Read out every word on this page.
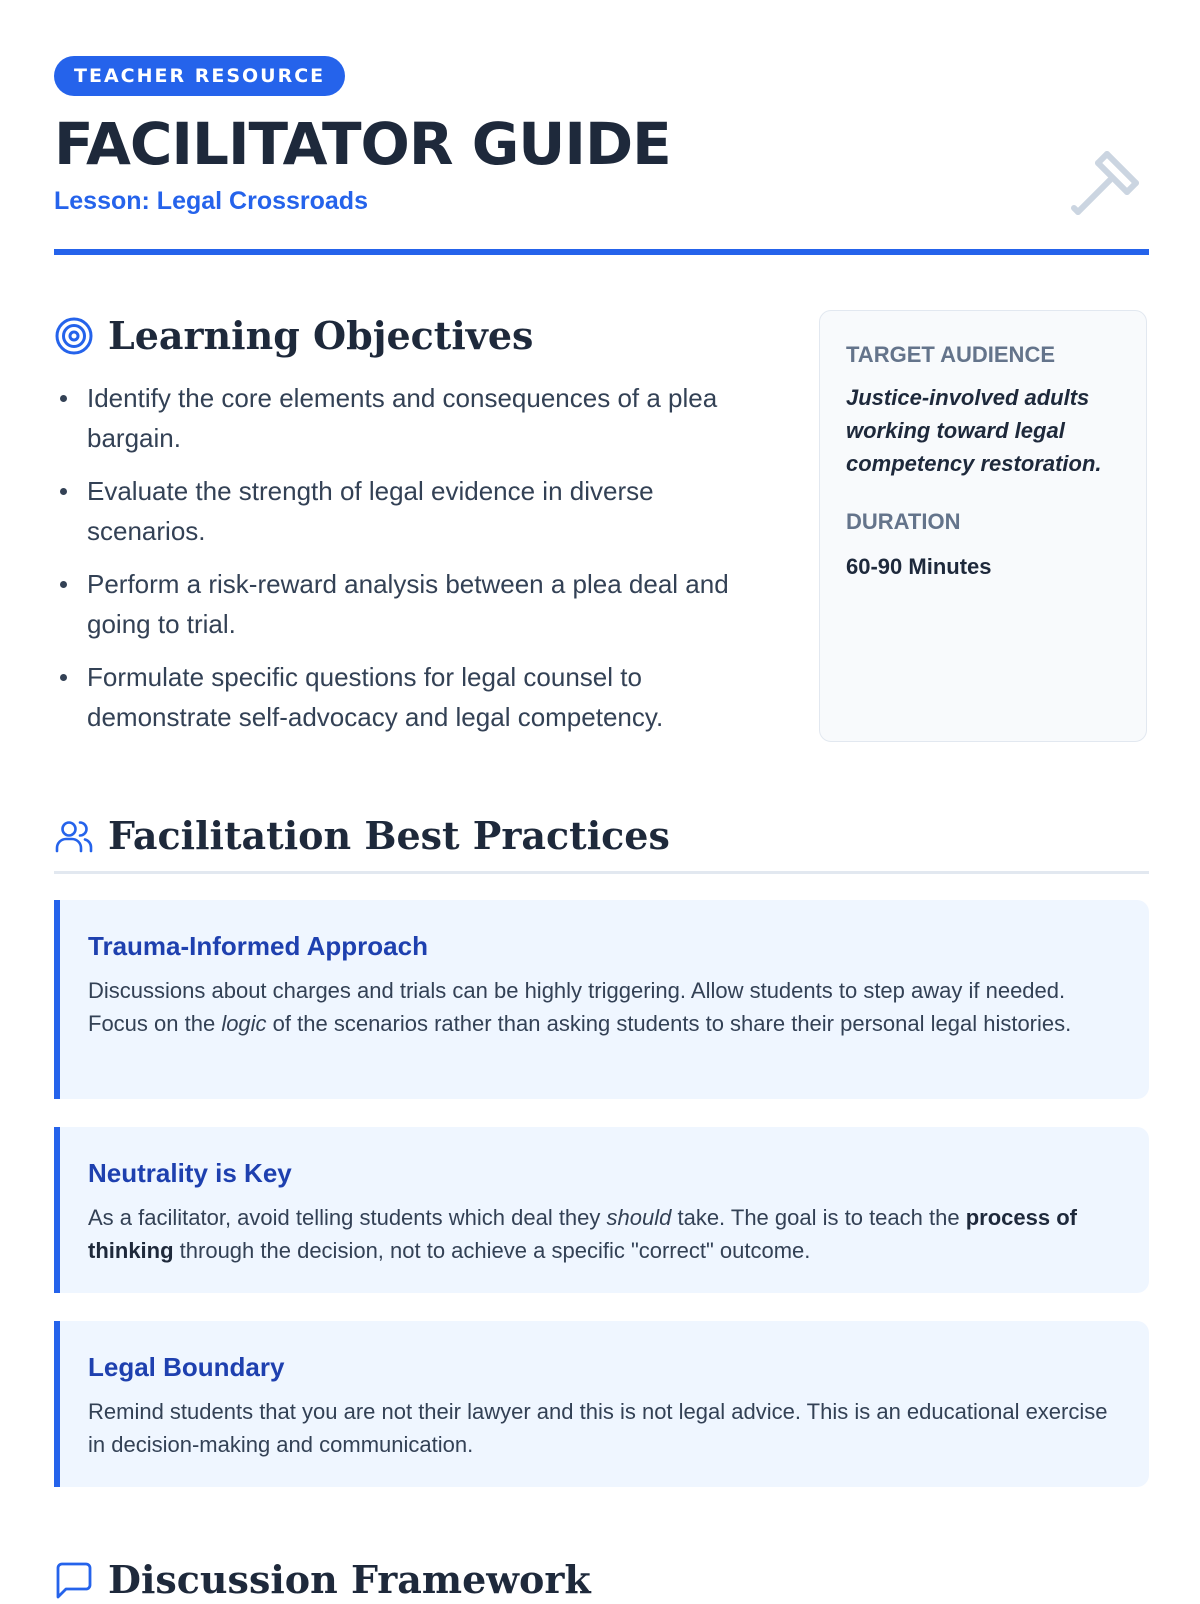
TEACHER RESOURCE
FACILITATOR GUIDE
Lesson: Legal Crossroads
Learning Objectives
Identify the core elements and consequences of a plea bargain.
Evaluate the strength of legal evidence in diverse scenarios.
Perform a risk-reward analysis between a plea deal and going to trial.
Formulate specific questions for legal counsel to demonstrate self-advocacy and legal competency.
TARGET AUDIENCE
Justice-involved adults working toward legal competency restoration.
DURATION
60-90 Minutes
Facilitation Best Practices
Trauma-Informed Approach

Discussions about charges and trials can be highly triggering. Allow students to step away if needed. Focus on the logic of the scenarios rather than asking students to share their personal legal histories.

Neutrality is Key

As a facilitator, avoid telling students which deal they should take. The goal is to teach the process of thinking through the decision, not to achieve a specific "correct" outcome.

Legal Boundary

Remind students that you are not their lawyer and this is not legal advice. This is an educational exercise in decision-making and communication.

Discussion Framework
